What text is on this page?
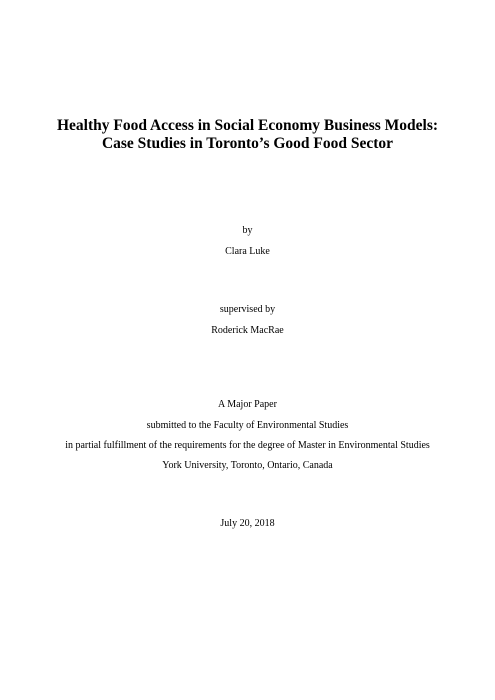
Healthy Food Access in Social Economy Business Models:
Case Studies in Toronto’s Good Food Sector
by
Clara Luke
supervised by
Roderick MacRae
A Major Paper
submitted to the Faculty of Environmental Studies
in partial fulfillment of the requirements for the degree of Master in Environmental Studies
York University, Toronto, Ontario, Canada
July 20, 2018
